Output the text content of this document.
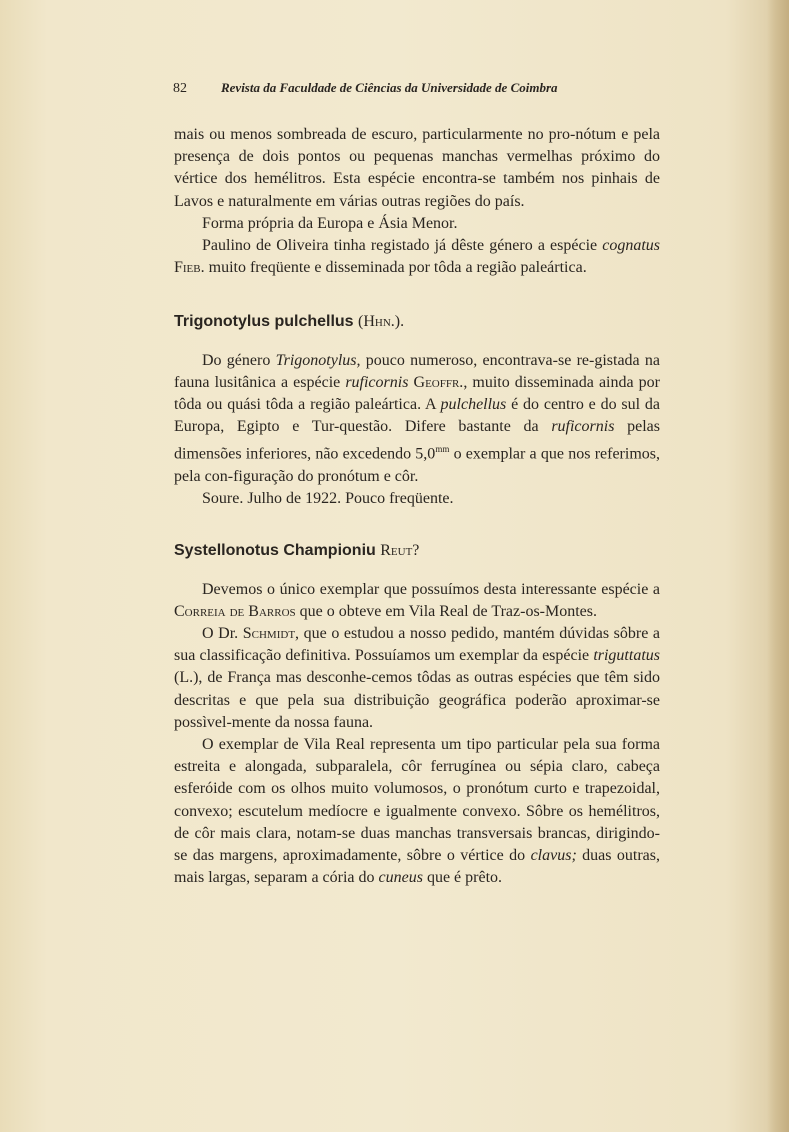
82	Revista da Faculdade de Ciências da Universidade de Coimbra

mais ou menos sombreada de escuro, particularmente no pro-nótum e pela presença de dois pontos ou pequenas manchas vermelhas próximo do vértice dos hemélitros. Esta espécie encontra-se também nos pinhais de Lavos e naturalmente em várias outras regiões do país.

Forma própria da Europa e Ásia Menor.

Paulino de Oliveira tinha registado já dêste género a espécie cognatus Fieb. muito freqüente e disseminada por tôda a região paleártica.

Trigonotylus pulchellus (Hhn.).

Do género Trigonotylus, pouco numeroso, encontrava-se re-gistada na fauna lusitânica a espécie ruficornis Geoffr., muito disseminada ainda por tôda ou quási tôda a região paleártica. A pulchellus é do centro e do sul da Europa, Egipto e Tur-questão. Difere bastante da ruficornis pelas dimensões inferiores, não excedendo $5,0^{mm}$ o exemplar a que nos referimos, pela con-figuração do pronótum e côr.

Soure. Julho de 1922. Pouco freqüente.

Systellonotus Championiu Reut?

Devemos o único exemplar que possuímos desta interessante espécie a Correia de Barros que o obteve em Vila Real de Traz-os-Montes.

O Dr. Schmidt, que o estudou a nosso pedido, mantém dúvidas sôbre a sua classificação definitiva. Possuíamos um exemplar da espécie triguttatus (L.), de França mas desconhe-cemos tôdas as outras espécies que têm sido descritas e que pela sua distribuição geográfica poderão aproximar-se possìvel-mente da nossa fauna.

O exemplar de Vila Real representa um tipo particular pela sua forma estreita e alongada, subparalela, côr ferrugínea ou sépia claro, cabeça esferóide com os olhos muito volumosos, o pronótum curto e trapezoidal, convexo; escutelum medíocre e igualmente convexo. Sôbre os hemélitros, de côr mais clara, notam-se duas manchas transversais brancas, dirigindo-se das margens, aproximadamente, sôbre o vértice do clavus; duas outras, mais largas, separam a cória do cuneus que é prêto.
